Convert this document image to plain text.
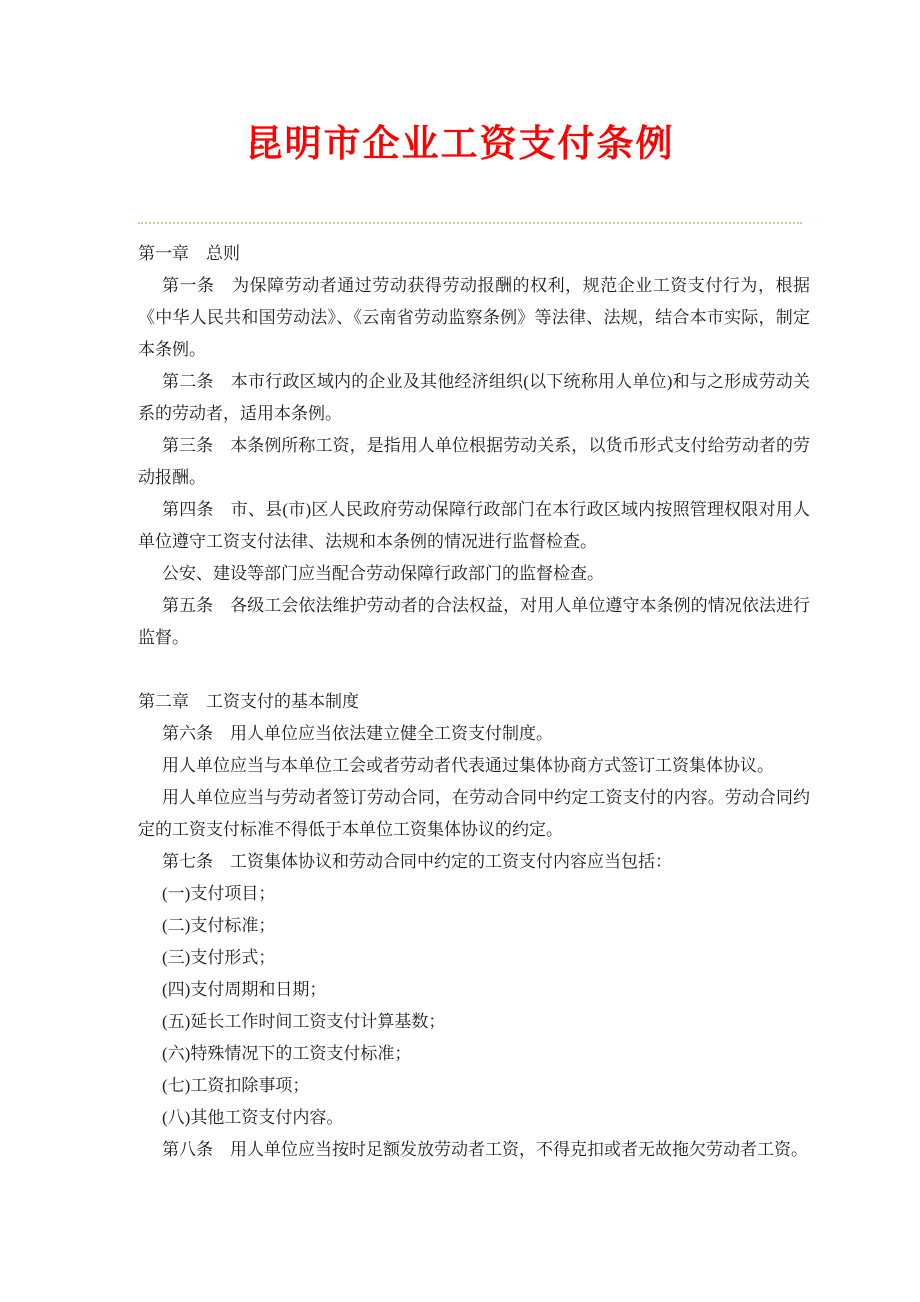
昆明市企业工资支付条例
第一章　总则

第一条　为保障劳动者通过劳动获得劳动报酬的权利，规范企业工资支付行为，根据《中华人民共和国劳动法》、《云南省劳动监察条例》等法律、法规，结合本市实际，制定本条例。

第二条　本市行政区域内的企业及其他经济组织(以下统称用人单位)和与之形成劳动关系的劳动者，适用本条例。

第三条　本条例所称工资，是指用人单位根据劳动关系，以货币形式支付给劳动者的劳动报酬。

第四条　市、县(市)区人民政府劳动保障行政部门在本行政区域内按照管理权限对用人单位遵守工资支付法律、法规和本条例的情况进行监督检查。

公安、建设等部门应当配合劳动保障行政部门的监督检查。

第五条　各级工会依法维护劳动者的合法权益，对用人单位遵守本条例的情况依法进行监督。

第二章　工资支付的基本制度

第六条　用人单位应当依法建立健全工资支付制度。

用人单位应当与本单位工会或者劳动者代表通过集体协商方式签订工资集体协议。

用人单位应当与劳动者签订劳动合同，在劳动合同中约定工资支付的内容。劳动合同约定的工资支付标准不得低于本单位工资集体协议的约定。

第七条　工资集体协议和劳动合同中约定的工资支付内容应当包括：

(一)支付项目；

(二)支付标准；

(三)支付形式；

(四)支付周期和日期；

(五)延长工作时间工资支付计算基数；

(六)特殊情况下的工资支付标准；

(七)工资扣除事项；

(八)其他工资支付内容。

第八条　用人单位应当按时足额发放劳动者工资，不得克扣或者无故拖欠劳动者工资。
